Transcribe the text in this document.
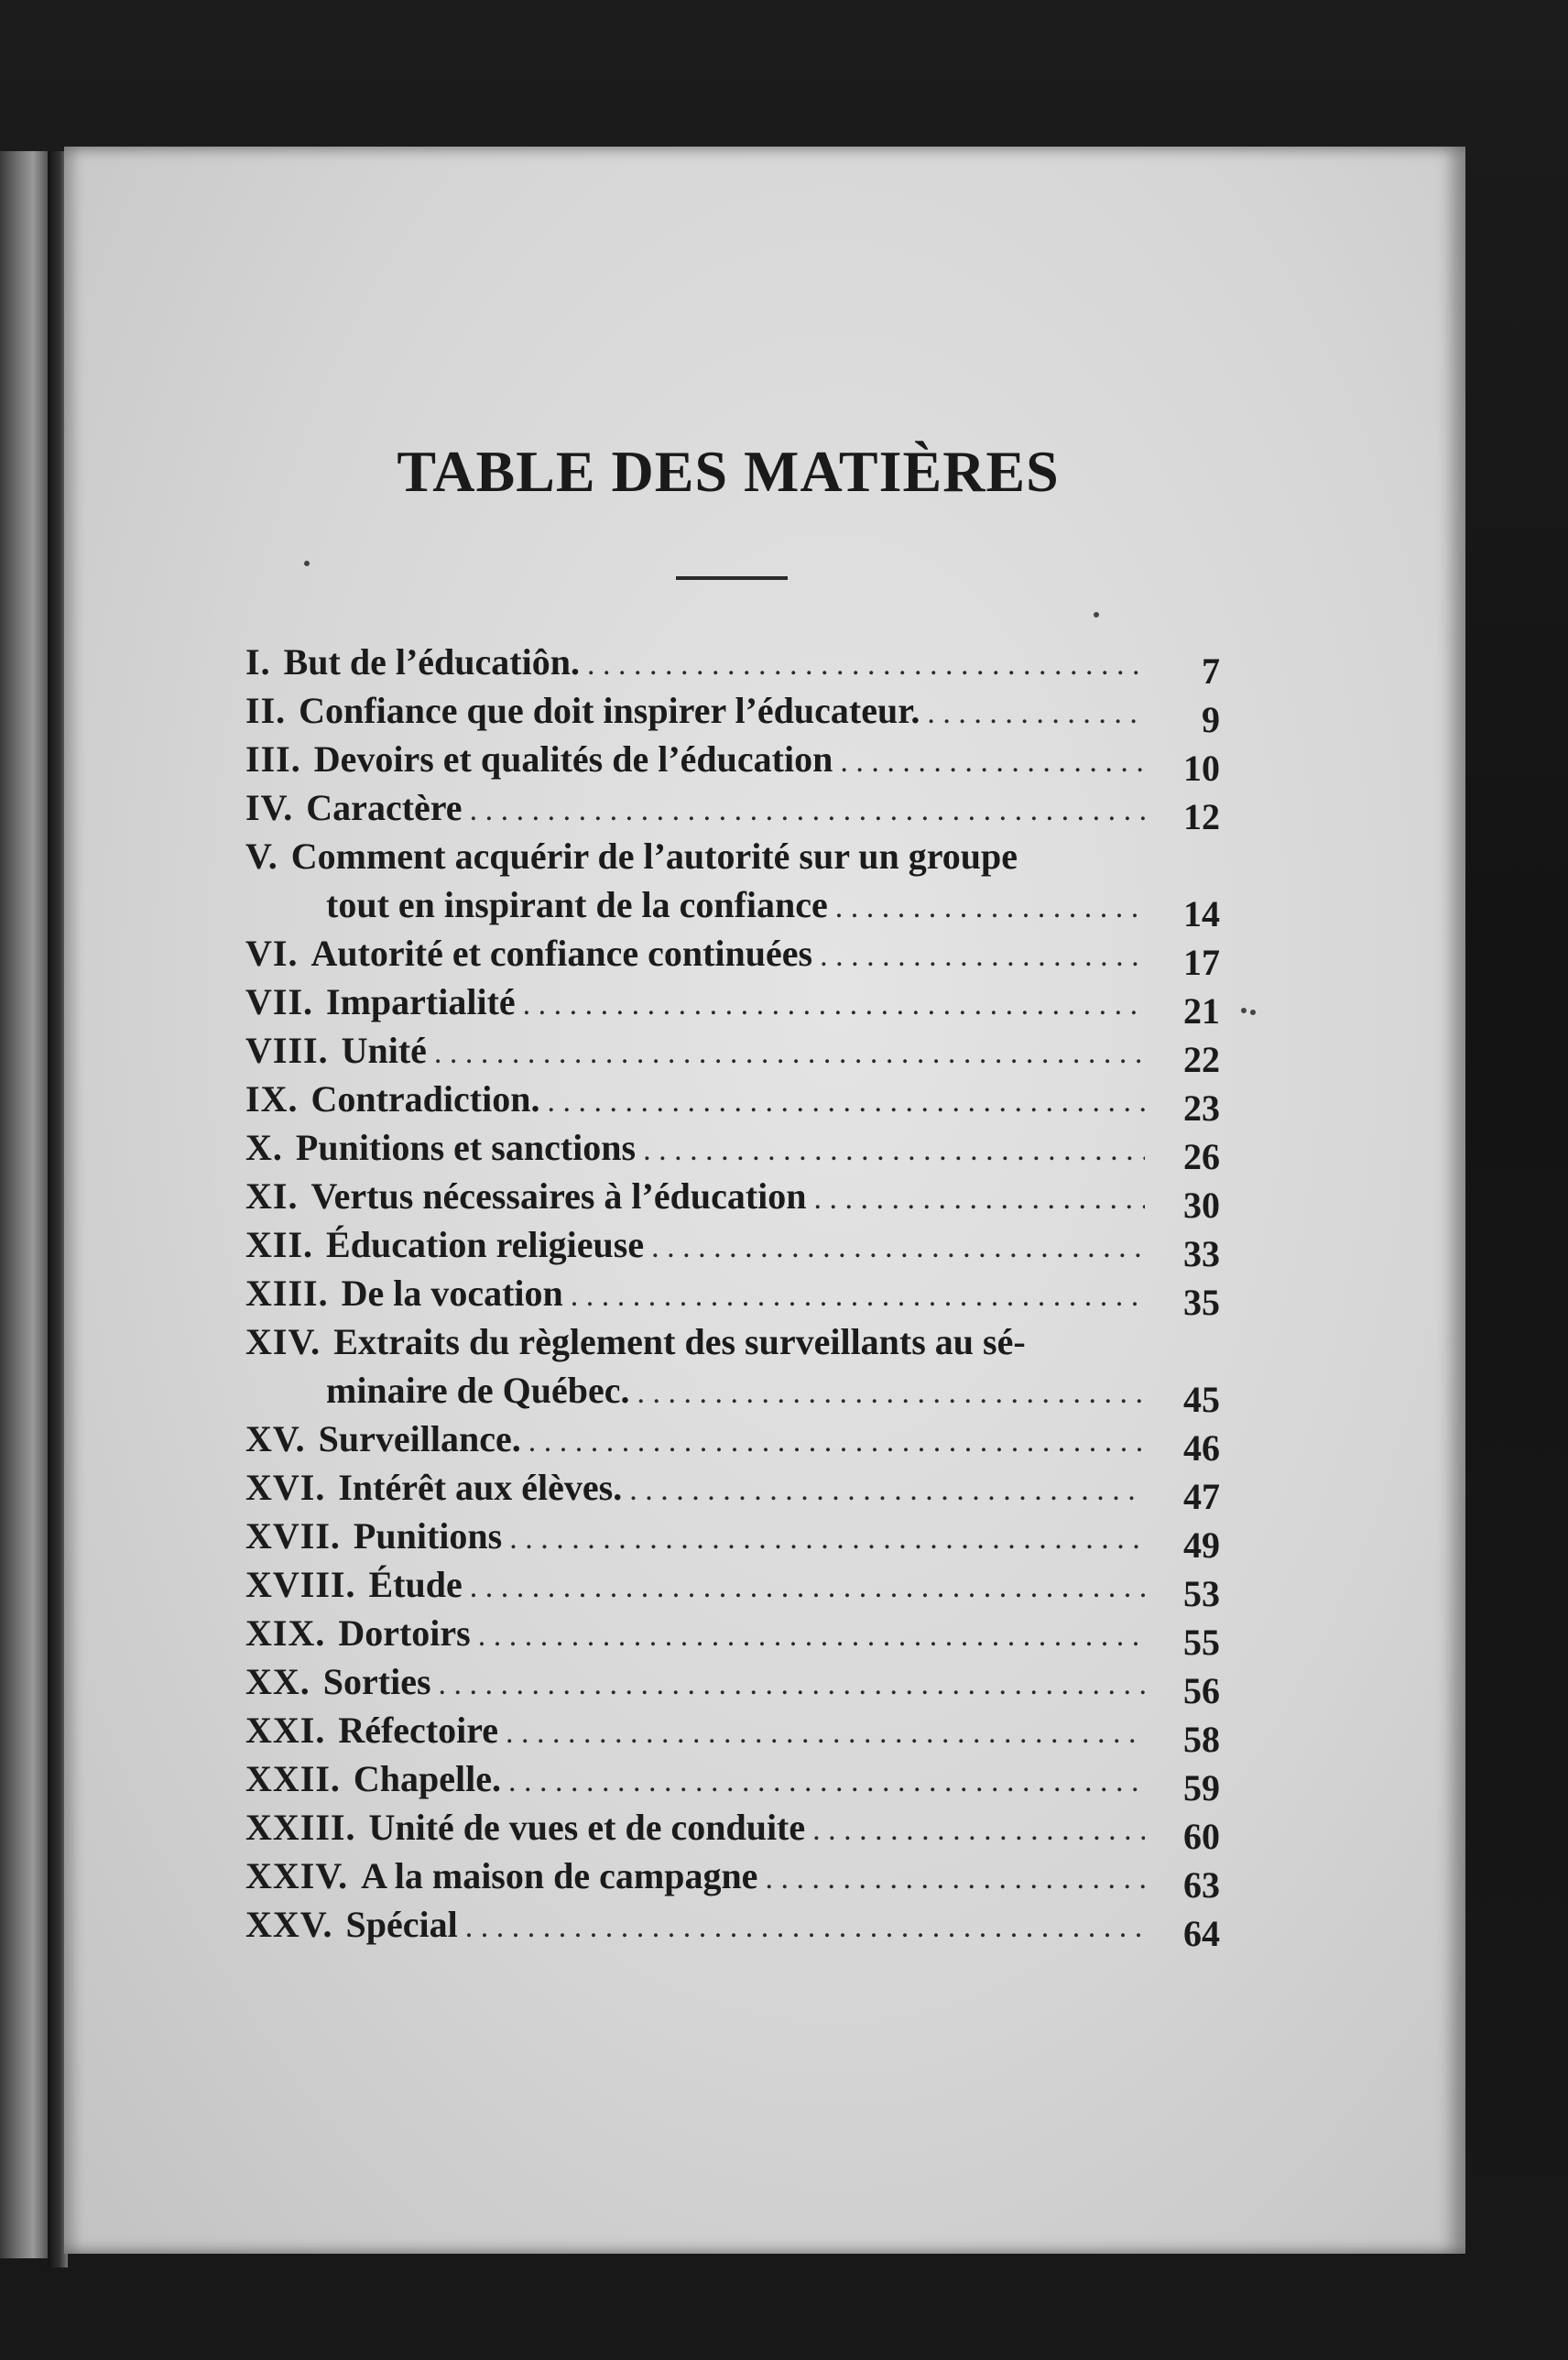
TABLE DES MATIÈRES
I. But de l’éducatiôn. . . .	7
II. Confiance que doit inspirer l’éducateur. . . .	9
III. Devoirs et qualités de l’éducation . . .	10
IV. Caractère . . .	12
V. Comment acquérir de l’autorité sur un groupe
tout en inspirant de la confiance . . .	14
VI. Autorité et confiance continuées . . .	17
VII. Impartialité . . .	21
VIII. Unité . . .	22
IX. Contradiction. . . .	23
X. Punitions et sanctions . . .	26
XI. Vertus nécessaires à l’éducation . . .	30
XII. Éducation religieuse . . .	33
XIII. De la vocation . . .	35
XIV. Extraits du règlement des surveillants au sé-
minaire de Québec. . . .	45
XV. Surveillance. . . .	46
XVI. Intérêt aux élèves. . . .	47
XVII. Punitions . . .	49
XVIII. Étude . . .	53
XIX. Dortoirs . . .	55
XX. Sorties . . .	56
XXI. Réfectoire . . .	58
XXII. Chapelle. . . .	59
XXIII. Unité de vues et de conduite . . .	60
XXIV. A la maison de campagne . . .	63
XXV. Spécial . . .	64
